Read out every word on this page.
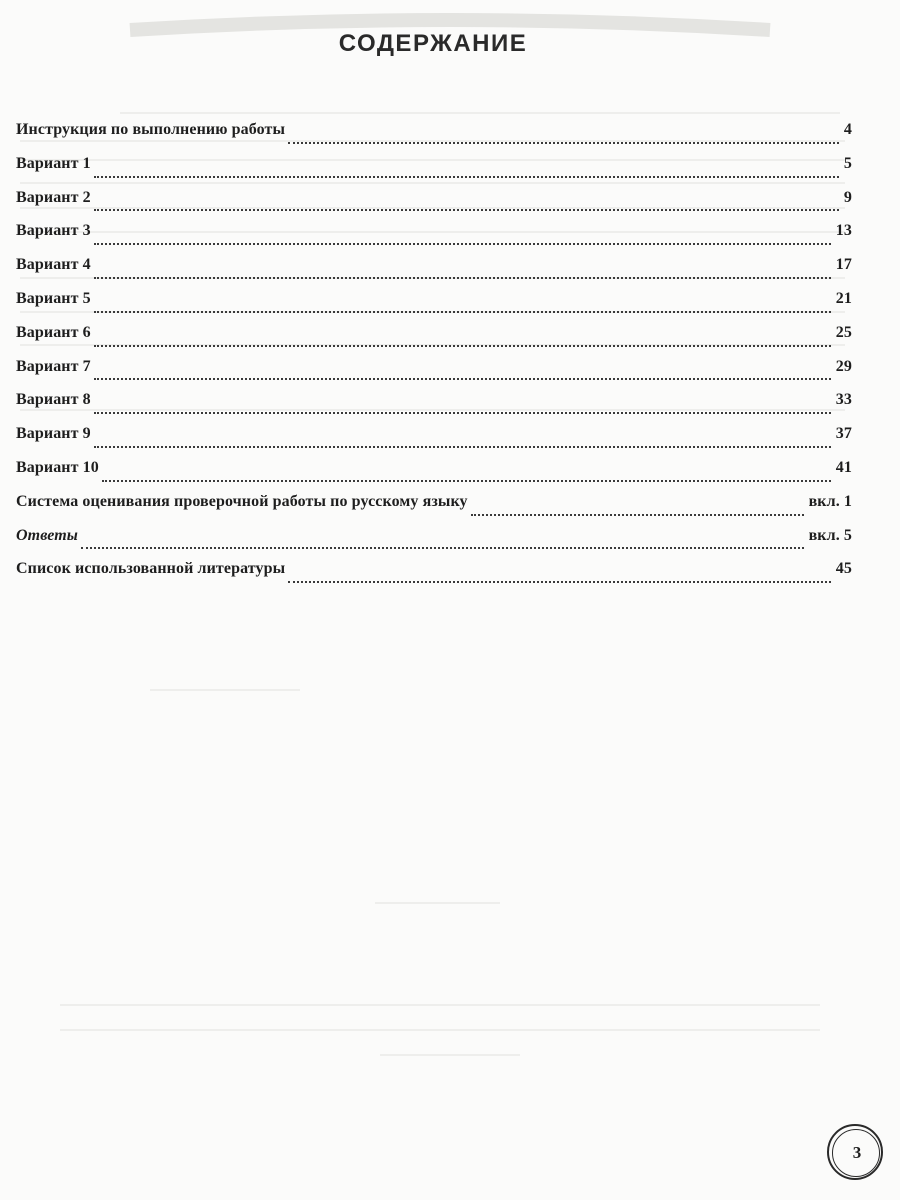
СОДЕРЖАНИЕ
Инструкция по выполнению работы	4
Вариант 1	5
Вариант 2	9
Вариант 3	13
Вариант 4	17
Вариант 5	21
Вариант 6	25
Вариант 7	29
Вариант 8	33
Вариант 9	37
Вариант 10	41
Система оценивания проверочной работы по русскому языку	вкл. 1
Ответы	вкл. 5
Список использованной литературы	45
3
